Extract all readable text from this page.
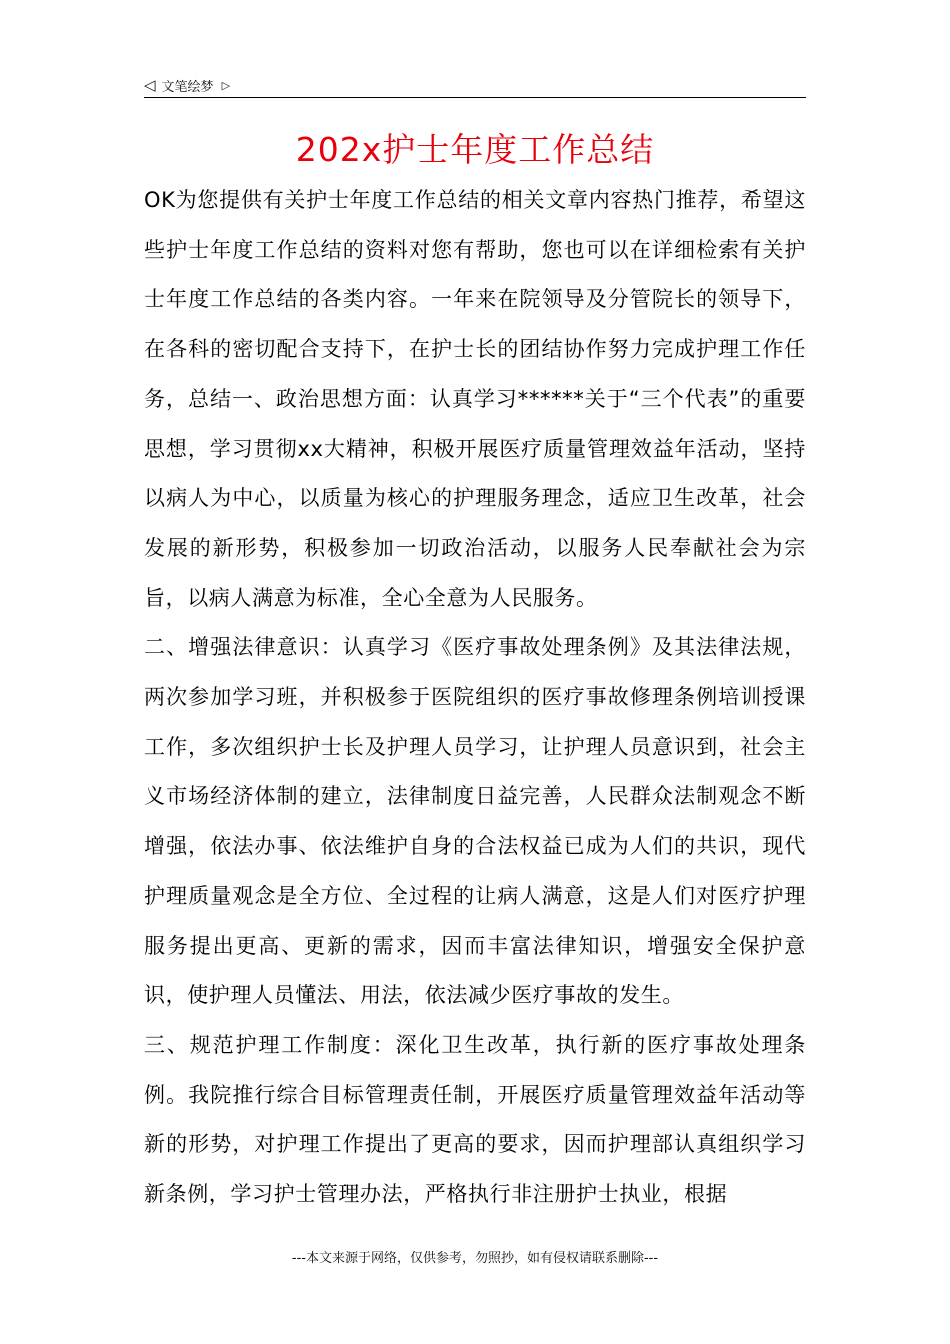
◁ 文笔绘梦 ▷
202x护士年度工作总结
OK为您提供有关护士年度工作总结的相关文章内容热门推荐，希望这些护士年度工作总结的资料对您有帮助，您也可以在详细检索有关护士年度工作总结的各类内容。一年来在院领导及分管院长的领导下，在各科的密切配合支持下，在护士长的团结协作努力完成护理工作任务，总结一、政治思想方面：认真学习******关于“三个代表”的重要思想，学习贯彻xx大精神，积极开展医疗质量管理效益年活动，坚持以病人为中心，以质量为核心的护理服务理念，适应卫生改革，社会发展的新形势，积极参加一切政治活动，以服务人民奉献社会为宗旨，以病人满意为标准，全心全意为人民服务。
二、增强法律意识：认真学习《医疗事故处理条例》及其法律法规，两次参加学习班，并积极参于医院组织的医疗事故修理条例培训授课工作，多次组织护士长及护理人员学习，让护理人员意识到，社会主义市场经济体制的建立，法律制度日益完善，人民群众法制观念不断增强，依法办事、依法维护自身的合法权益已成为人们的共识，现代护理质量观念是全方位、全过程的让病人满意，这是人们对医疗护理服务提出更高、更新的需求，因而丰富法律知识，增强安全保护意识，使护理人员懂法、用法，依法减少医疗事故的发生。
三、规范护理工作制度：深化卫生改革，执行新的医疗事故处理条例。我院推行综合目标管理责任制，开展医疗质量管理效益年活动等新的形势，对护理工作提出了更高的要求，因而护理部认真组织学习新条例，学习护士管理办法，严格执行非注册护士执业，根据
---本文来源于网络，仅供参考，勿照抄，如有侵权请联系删除---
